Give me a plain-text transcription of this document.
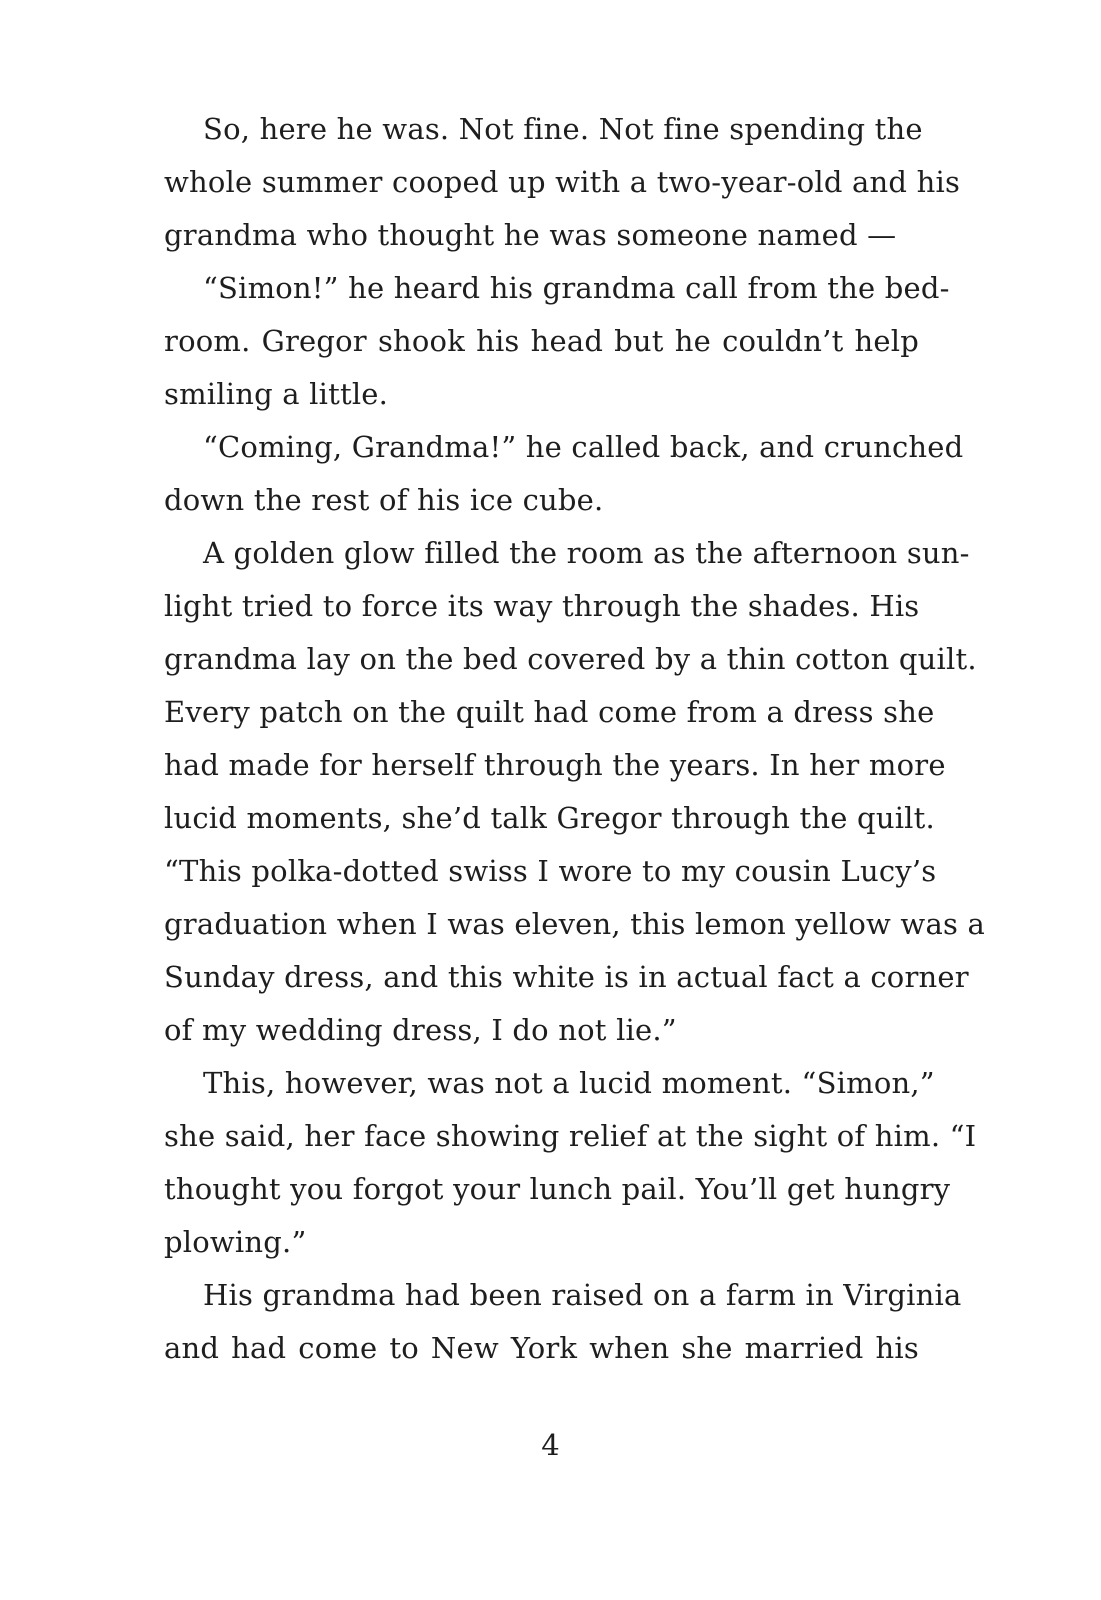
So, here he was. Not fine. Not fine spending the
whole summer cooped up with a two-year-old and his
grandma who thought he was someone named —

“Simon!” he heard his grandma call from the bed-
room. Gregor shook his head but he couldn’t help
smiling a little.

“Coming, Grandma!” he called back, and crunched
down the rest of his ice cube.

A golden glow filled the room as the afternoon sun-
light tried to force its way through the shades. His
grandma lay on the bed covered by a thin cotton quilt.
Every patch on the quilt had come from a dress she
had made for herself through the years. In her more
lucid moments, she’d talk Gregor through the quilt.
“This polka-dotted swiss I wore to my cousin Lucy’s
graduation when I was eleven, this lemon yellow was a
Sunday dress, and this white is in actual fact a corner
of my wedding dress, I do not lie.”

This, however, was not a lucid moment. “Simon,”
she said, her face showing relief at the sight of him. “I
thought you forgot your lunch pail. You’ll get hungry
plowing.”

His grandma had been raised on a farm in Virginia
and had come to New York when she married his

4
